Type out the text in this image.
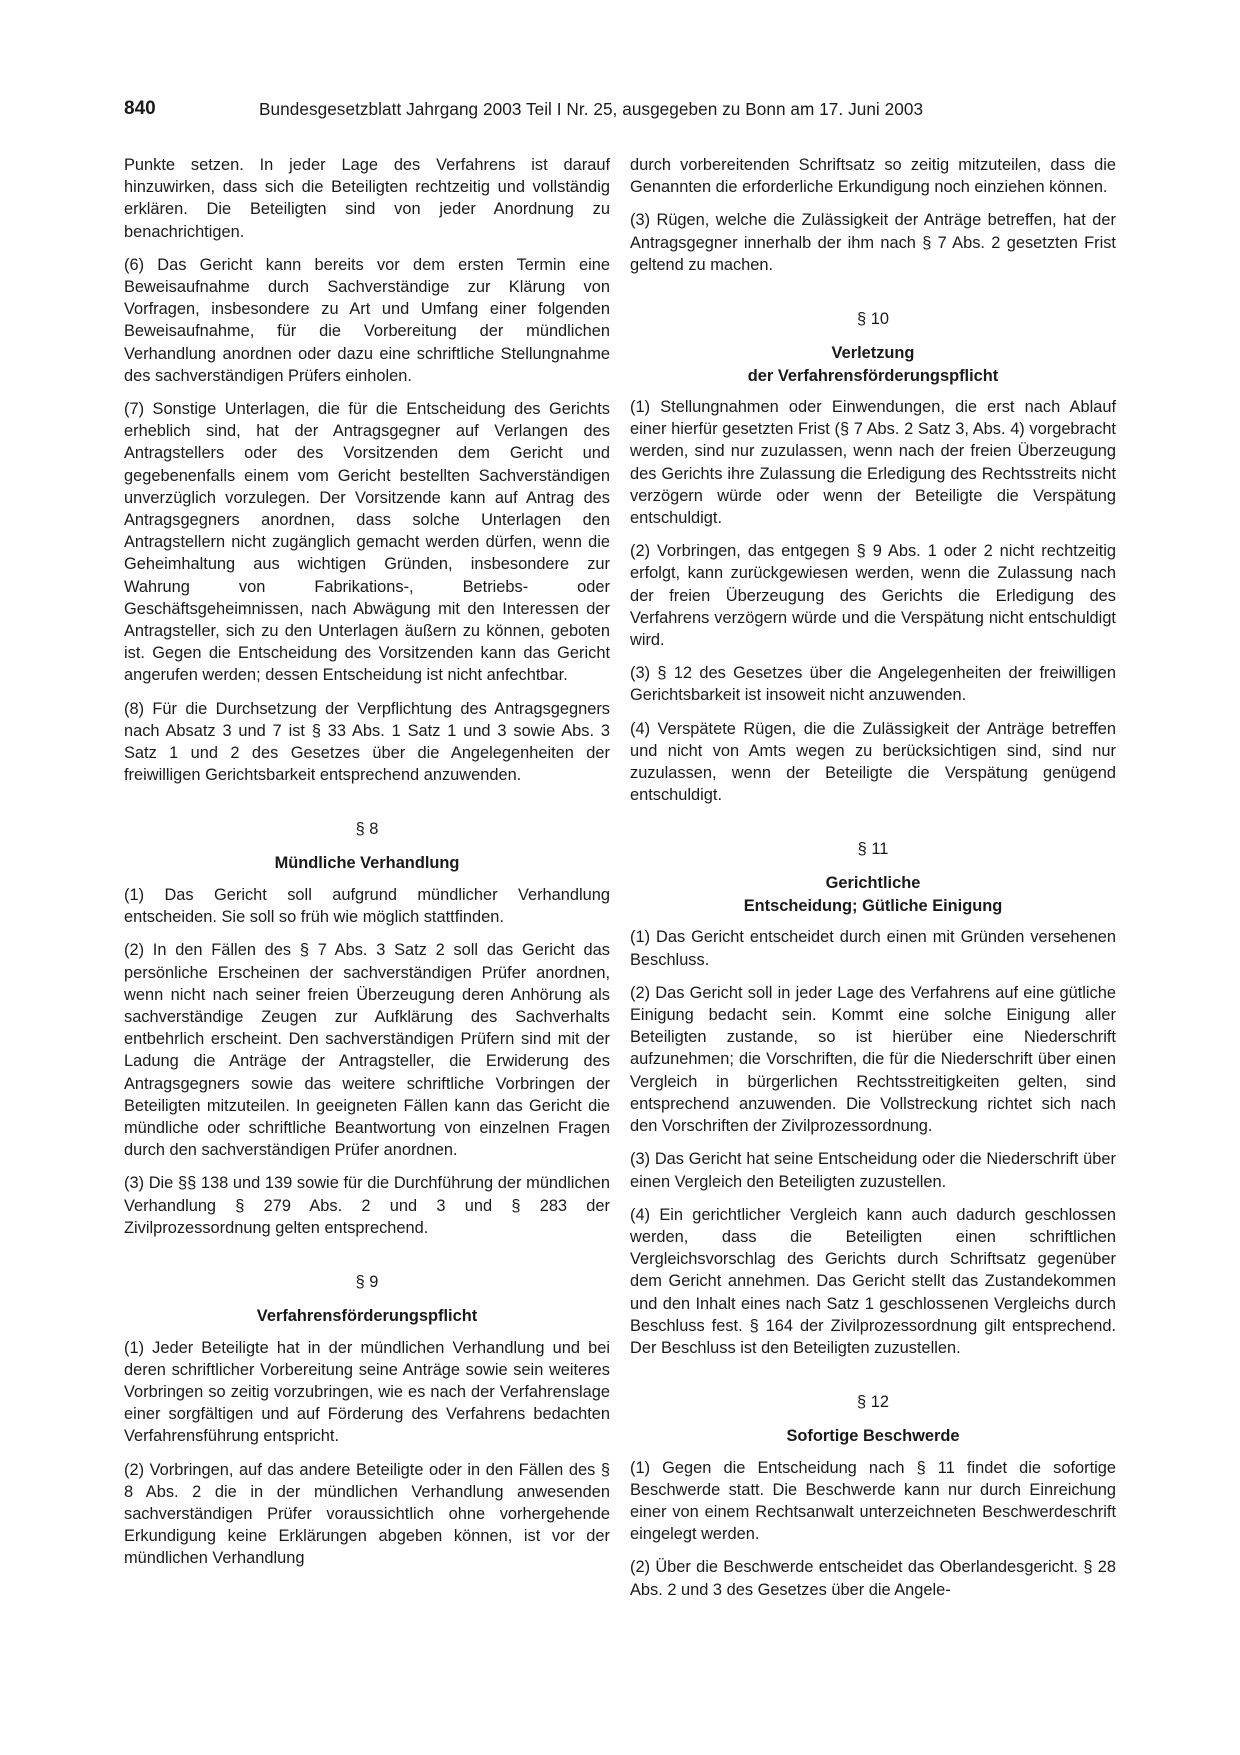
840	Bundesgesetzblatt Jahrgang 2003 Teil I Nr. 25, ausgegeben zu Bonn am 17. Juni 2003

Punkte setzen. In jeder Lage des Verfahrens ist darauf hinzuwirken, dass sich die Beteiligten rechtzeitig und vollständig erklären. Die Beteiligten sind von jeder Anordnung zu benachrichtigen.

(6) Das Gericht kann bereits vor dem ersten Termin eine Beweisaufnahme durch Sachverständige zur Klärung von Vorfragen, insbesondere zu Art und Umfang einer folgenden Beweisaufnahme, für die Vorbereitung der mündlichen Verhandlung anordnen oder dazu eine schriftliche Stellungnahme des sachverständigen Prüfers einholen.

(7) Sonstige Unterlagen, die für die Entscheidung des Gerichts erheblich sind, hat der Antragsgegner auf Verlangen des Antragstellers oder des Vorsitzenden dem Gericht und gegebenenfalls einem vom Gericht bestellten Sachverständigen unverzüglich vorzulegen. Der Vorsitzende kann auf Antrag des Antragsgegners anordnen, dass solche Unterlagen den Antragstellern nicht zugänglich gemacht werden dürfen, wenn die Geheimhaltung aus wichtigen Gründen, insbesondere zur Wahrung von Fabrikations-, Betriebs- oder Geschäftsgeheimnissen, nach Abwägung mit den Interessen der Antragsteller, sich zu den Unterlagen äußern zu können, geboten ist. Gegen die Entscheidung des Vorsitzenden kann das Gericht angerufen werden; dessen Entscheidung ist nicht anfechtbar.

(8) Für die Durchsetzung der Verpflichtung des Antragsgegners nach Absatz 3 und 7 ist § 33 Abs. 1 Satz 1 und 3 sowie Abs. 3 Satz 1 und 2 des Gesetzes über die Angelegenheiten der freiwilligen Gerichtsbarkeit entsprechend anzuwenden.

§ 8
Mündliche Verhandlung

(1) Das Gericht soll aufgrund mündlicher Verhandlung entscheiden. Sie soll so früh wie möglich stattfinden.

(2) In den Fällen des § 7 Abs. 3 Satz 2 soll das Gericht das persönliche Erscheinen der sachverständigen Prüfer anordnen, wenn nicht nach seiner freien Überzeugung deren Anhörung als sachverständige Zeugen zur Aufklärung des Sachverhalts entbehrlich erscheint. Den sachverständigen Prüfern sind mit der Ladung die Anträge der Antragsteller, die Erwiderung des Antragsgegners sowie das weitere schriftliche Vorbringen der Beteiligten mitzuteilen. In geeigneten Fällen kann das Gericht die mündliche oder schriftliche Beantwortung von einzelnen Fragen durch den sachverständigen Prüfer anordnen.

(3) Die §§ 138 und 139 sowie für die Durchführung der mündlichen Verhandlung § 279 Abs. 2 und 3 und § 283 der Zivilprozessordnung gelten entsprechend.

§ 9
Verfahrensförderungspflicht

(1) Jeder Beteiligte hat in der mündlichen Verhandlung und bei deren schriftlicher Vorbereitung seine Anträge sowie sein weiteres Vorbringen so zeitig vorzubringen, wie es nach der Verfahrenslage einer sorgfältigen und auf Förderung des Verfahrens bedachten Verfahrensführung entspricht.

(2) Vorbringen, auf das andere Beteiligte oder in den Fällen des § 8 Abs. 2 die in der mündlichen Verhandlung anwesenden sachverständigen Prüfer voraussichtlich ohne vorhergehende Erkundigung keine Erklärungen abgeben können, ist vor der mündlichen Verhandlung

durch vorbereitenden Schriftsatz so zeitig mitzuteilen, dass die Genannten die erforderliche Erkundigung noch einziehen können.

(3) Rügen, welche die Zulässigkeit der Anträge betreffen, hat der Antragsgegner innerhalb der ihm nach § 7 Abs. 2 gesetzten Frist geltend zu machen.

§ 10
Verletzung
der Verfahrensförderungspflicht

(1) Stellungnahmen oder Einwendungen, die erst nach Ablauf einer hierfür gesetzten Frist (§ 7 Abs. 2 Satz 3, Abs. 4) vorgebracht werden, sind nur zuzulassen, wenn nach der freien Überzeugung des Gerichts ihre Zulassung die Erledigung des Rechtsstreits nicht verzögern würde oder wenn der Beteiligte die Verspätung entschuldigt.

(2) Vorbringen, das entgegen § 9 Abs. 1 oder 2 nicht rechtzeitig erfolgt, kann zurückgewiesen werden, wenn die Zulassung nach der freien Überzeugung des Gerichts die Erledigung des Verfahrens verzögern würde und die Verspätung nicht entschuldigt wird.

(3) § 12 des Gesetzes über die Angelegenheiten der freiwilligen Gerichtsbarkeit ist insoweit nicht anzuwenden.

(4) Verspätete Rügen, die die Zulässigkeit der Anträge betreffen und nicht von Amts wegen zu berücksichtigen sind, sind nur zuzulassen, wenn der Beteiligte die Verspätung genügend entschuldigt.

§ 11
Gerichtliche
Entscheidung; Gütliche Einigung

(1) Das Gericht entscheidet durch einen mit Gründen versehenen Beschluss.

(2) Das Gericht soll in jeder Lage des Verfahrens auf eine gütliche Einigung bedacht sein. Kommt eine solche Einigung aller Beteiligten zustande, so ist hierüber eine Niederschrift aufzunehmen; die Vorschriften, die für die Niederschrift über einen Vergleich in bürgerlichen Rechtsstreitigkeiten gelten, sind entsprechend anzuwenden. Die Vollstreckung richtet sich nach den Vorschriften der Zivilprozessordnung.

(3) Das Gericht hat seine Entscheidung oder die Niederschrift über einen Vergleich den Beteiligten zuzustellen.

(4) Ein gerichtlicher Vergleich kann auch dadurch geschlossen werden, dass die Beteiligten einen schriftlichen Vergleichsvorschlag des Gerichts durch Schriftsatz gegenüber dem Gericht annehmen. Das Gericht stellt das Zustandekommen und den Inhalt eines nach Satz 1 geschlossenen Vergleichs durch Beschluss fest. § 164 der Zivilprozessordnung gilt entsprechend. Der Beschluss ist den Beteiligten zuzustellen.

§ 12
Sofortige Beschwerde

(1) Gegen die Entscheidung nach § 11 findet die sofortige Beschwerde statt. Die Beschwerde kann nur durch Einreichung einer von einem Rechtsanwalt unterzeichneten Beschwerdeschrift eingelegt werden.

(2) Über die Beschwerde entscheidet das Oberlandesgericht. § 28 Abs. 2 und 3 des Gesetzes über die Angele-
